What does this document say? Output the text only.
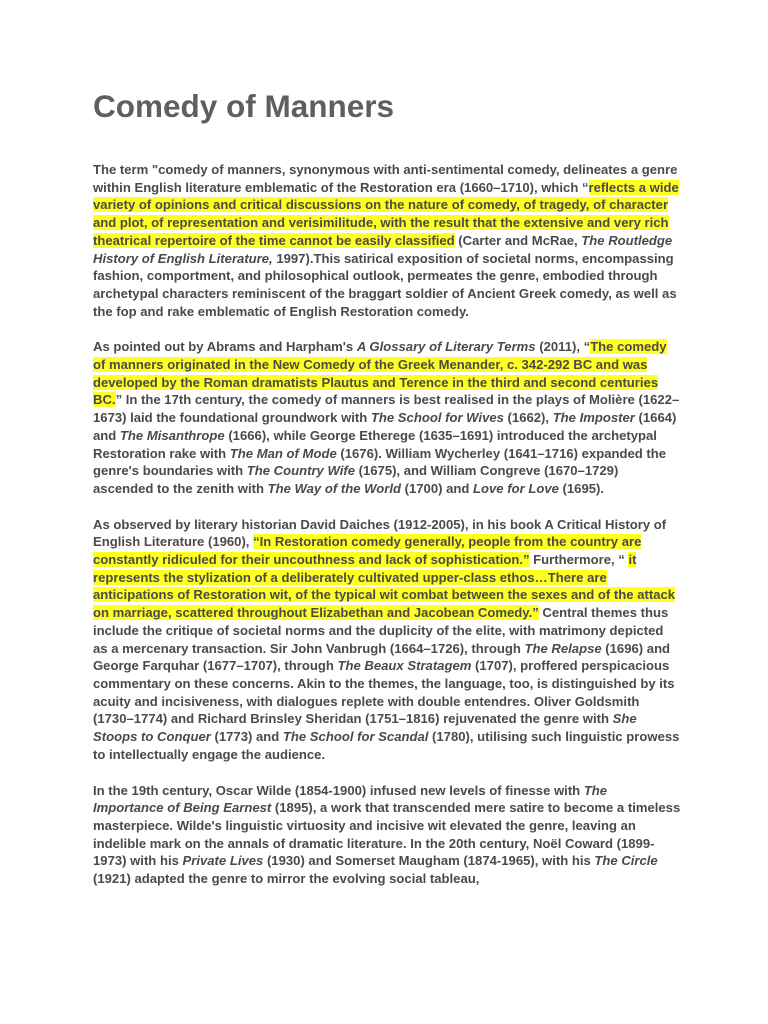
Comedy of Manners

The term "comedy of manners, synonymous with anti-sentimental comedy, delineates a genre within English literature emblematic of the Restoration era (1660–1710), which “reflects a wide variety of opinions and critical discussions on the nature of comedy, of tragedy, of character and plot, of representation and verisimilitude, with the result that the extensive and very rich theatrical repertoire of the time cannot be easily classified (Carter and McRae, The Routledge History of English Literature, 1997).This satirical exposition of societal norms, encompassing fashion, comportment, and philosophical outlook, permeates the genre, embodied through archetypal characters reminiscent of the braggart soldier of Ancient Greek comedy, as well as the fop and rake emblematic of English Restoration comedy.

As pointed out by Abrams and Harpham's A Glossary of Literary Terms (2011), “The comedy of manners originated in the New Comedy of the Greek Menander, c. 342-292 BC and was developed by the Roman dramatists Plautus and Terence in the third and second centuries BC.” In the 17th century, the comedy of manners is best realised in the plays of Molière (1622–1673) laid the foundational groundwork with The School for Wives (1662), The Imposter (1664) and The Misanthrope (1666), while George Etherege (1635–1691) introduced the archetypal Restoration rake with The Man of Mode (1676). William Wycherley (1641–1716) expanded the genre's boundaries with The Country Wife (1675), and William Congreve (1670–1729) ascended to the zenith with The Way of the World (1700) and Love for Love (1695).

As observed by literary historian David Daiches (1912-2005), in his book A Critical History of English Literature (1960), “In Restoration comedy generally, people from the country are constantly ridiculed for their uncouthness and lack of sophistication.” Furthermore, “ it represents the stylization of a deliberately cultivated upper-class ethos…There are anticipations of Restoration wit, of the typical wit combat between the sexes and of the attack on marriage, scattered throughout Elizabethan and Jacobean Comedy.” Central themes thus include the critique of societal norms and the duplicity of the elite, with matrimony depicted as a mercenary transaction. Sir John Vanbrugh (1664–1726), through The Relapse (1696) and George Farquhar (1677–1707), through The Beaux Stratagem (1707), proffered perspicacious commentary on these concerns. Akin to the themes, the language, too, is distinguished by its acuity and incisiveness, with dialogues replete with double entendres. Oliver Goldsmith (1730–1774) and Richard Brinsley Sheridan (1751–1816) rejuvenated the genre with She Stoops to Conquer (1773) and The School for Scandal (1780), utilising such linguistic prowess to intellectually engage the audience.

In the 19th century, Oscar Wilde (1854-1900) infused new levels of finesse with The Importance of Being Earnest (1895), a work that transcended mere satire to become a timeless masterpiece. Wilde's linguistic virtuosity and incisive wit elevated the genre, leaving an indelible mark on the annals of dramatic literature. In the 20th century, Noël Coward (1899-1973) with his Private Lives (1930) and Somerset Maugham (1874-1965), with his The Circle (1921) adapted the genre to mirror the evolving social tableau,
